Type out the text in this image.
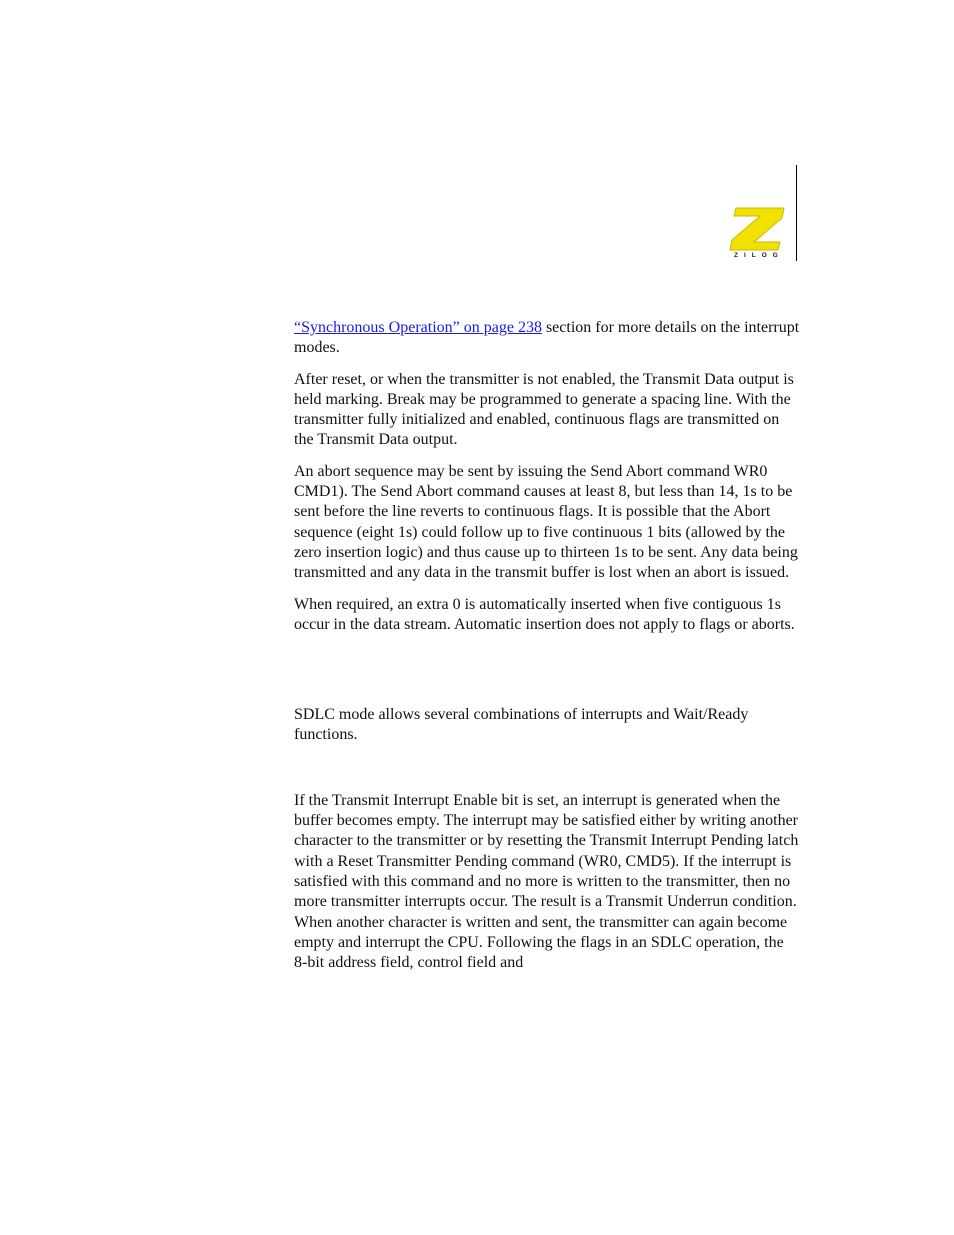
ZILOG

“Synchronous Operation” on page 238 section for more details on the interrupt modes.

After reset, or when the transmitter is not enabled, the Transmit Data output is held marking. Break may be programmed to generate a spacing line. With the transmitter fully initialized and enabled, continuous flags are transmitted on the Transmit Data output.

An abort sequence may be sent by issuing the Send Abort command WR0 CMD1). The Send Abort command causes at least 8, but less than 14, 1s to be sent before the line reverts to continuous flags. It is possible that the Abort sequence (eight 1s) could follow up to five continuous 1 bits (allowed by the zero insertion logic) and thus cause up to thirteen 1s to be sent. Any data being transmitted and any data in the transmit buffer is lost when an abort is issued.

When required, an extra 0 is automatically inserted when five contiguous 1s occur in the data stream. Automatic insertion does not apply to flags or aborts.

SDLC mode allows several combinations of interrupts and Wait/Ready functions.

If the Transmit Interrupt Enable bit is set, an interrupt is generated when the buffer becomes empty. The interrupt may be satisfied either by writing another character to the transmitter or by resetting the Transmit Interrupt Pending latch with a Reset Transmitter Pending command (WR0, CMD5). If the interrupt is satisfied with this command and no more is written to the transmitter, then no more transmitter interrupts occur. The result is a Transmit Underrun condition. When another character is written and sent, the transmitter can again become empty and interrupt the CPU. Following the flags in an SDLC operation, the 8-bit address field, control field and
